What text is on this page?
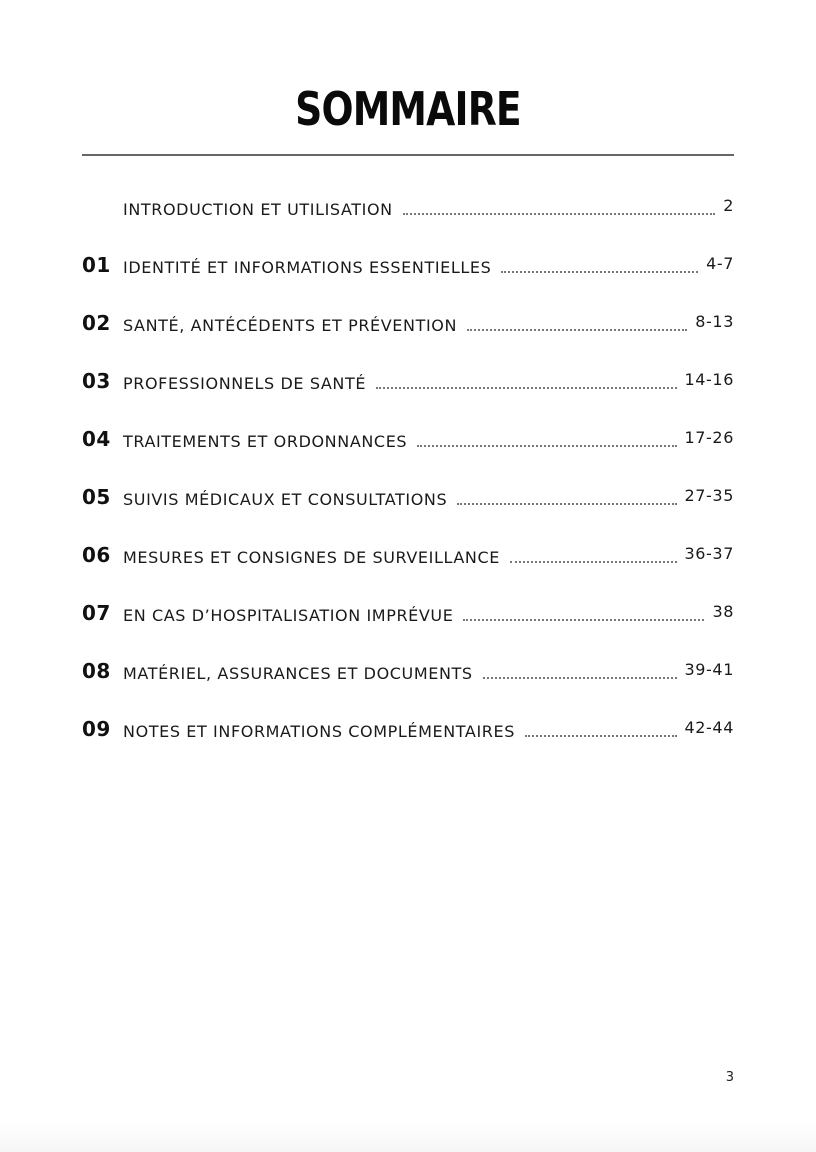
SOMMAIRE
INTRODUCTION ET UTILISATION	2
01 IDENTITÉ ET INFORMATIONS ESSENTIELLES	4-7
02 SANTÉ, ANTÉCÉDENTS ET PRÉVENTION	8-13
03 PROFESSIONNELS DE SANTÉ	14-16
04 TRAITEMENTS ET ORDONNANCES	17-26
05 SUIVIS MÉDICAUX ET CONSULTATIONS	27-35
06 MESURES ET CONSIGNES DE SURVEILLANCE	36-37
07 EN CAS D’HOSPITALISATION IMPRÉVUE	38
08 MATÉRIEL, ASSURANCES ET DOCUMENTS	39-41
09 NOTES ET INFORMATIONS COMPLÉMENTAIRES	42-44
3
